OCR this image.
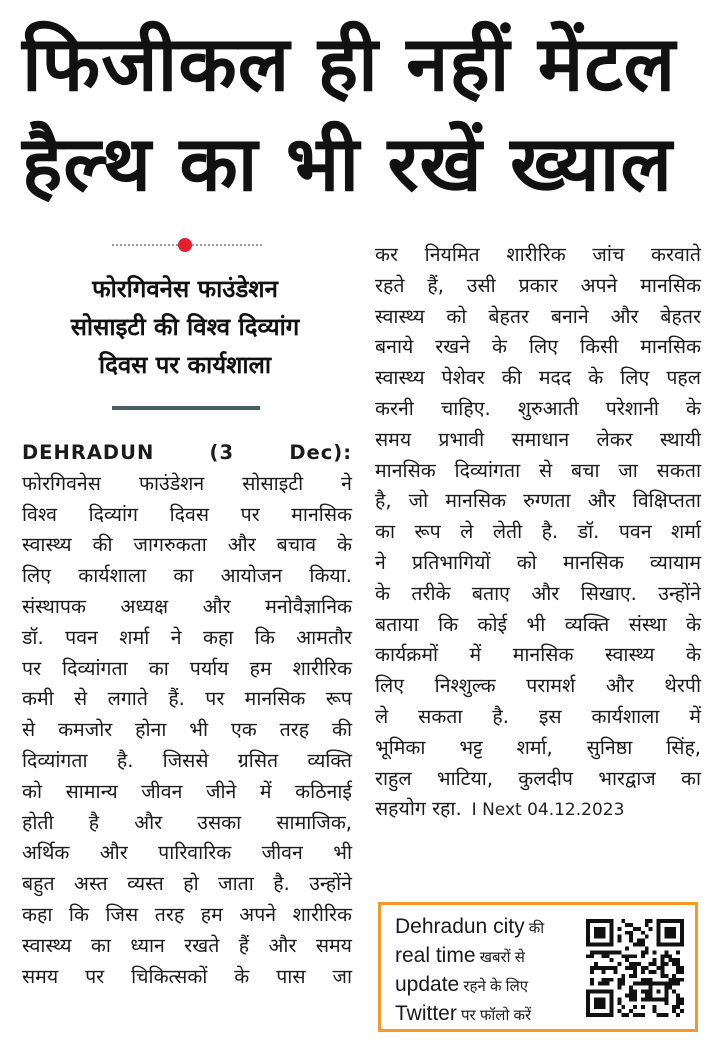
फिजीकल ही नहीं मेंटल
हैल्थ का भी रखें ख्याल
फोरगिवनेस फाउंडेशन
सोसाइटी की विश्व दिव्यांग
दिवस पर कार्यशाला
DEHRADUN (3 Dec):
फोरगिवनेस फाउंडेशन सोसाइटी ने
विश्व दिव्यांग दिवस पर मानसिक
स्वास्थ्य की जागरुकता और बचाव के
लिए कार्यशाला का आयोजन किया.
संस्थापक अध्यक्ष और मनोवैज्ञानिक
डॉ. पवन शर्मा ने कहा कि आमतौर
पर दिव्यांगता का पर्याय हम शारीरिक
कमी से लगाते हैं. पर मानसिक रूप
से कमजोर होना भी एक तरह की
दिव्यांगता है. जिससे ग्रसित व्यक्ति
को सामान्य जीवन जीने में कठिनाई
होती है और उसका सामाजिक,
अर्थिक और पारिवारिक जीवन भी
बहुत अस्त व्यस्त हो जाता है. उन्होंने
कहा कि जिस तरह हम अपने शारीरिक
स्वास्थ्य का ध्यान रखते हैं और समय
समय पर चिकित्सकों के पास जा
कर नियमित शारीरिक जांच करवाते
रहते हैं, उसी प्रकार अपने मानसिक
स्वास्थ्य को बेहतर बनाने और बेहतर
बनाये रखने के लिए किसी मानसिक
स्वास्थ्य पेशेवर की मदद के लिए पहल
करनी चाहिए. शुरुआती परेशानी के
समय प्रभावी समाधान लेकर स्थायी
मानसिक दिव्यांगता से बचा जा सकता
है, जो मानसिक रुग्णता और विक्षिप्तता
का रूप ले लेती है. डॉ. पवन शर्मा
ने प्रतिभागियों को मानसिक व्यायाम
के तरीके बताए और सिखाए. उन्होंने
बताया कि कोई भी व्यक्ति संस्था के
कार्यक्रमों में मानसिक स्वास्थ्य के
लिए निश्शुल्क परामर्श और थेरपी
ले सकता है. इस कार्यशाला में
भूमिका भट्ट शर्मा, सुनिष्ठा सिंह,
राहुल भाटिया, कुलदीप भारद्वाज का
सहयोग रहा. I Next 04.12.2023
Dehradun city की
real time खबरों से
update रहने के लिए
Twitter पर फॉलो करें
